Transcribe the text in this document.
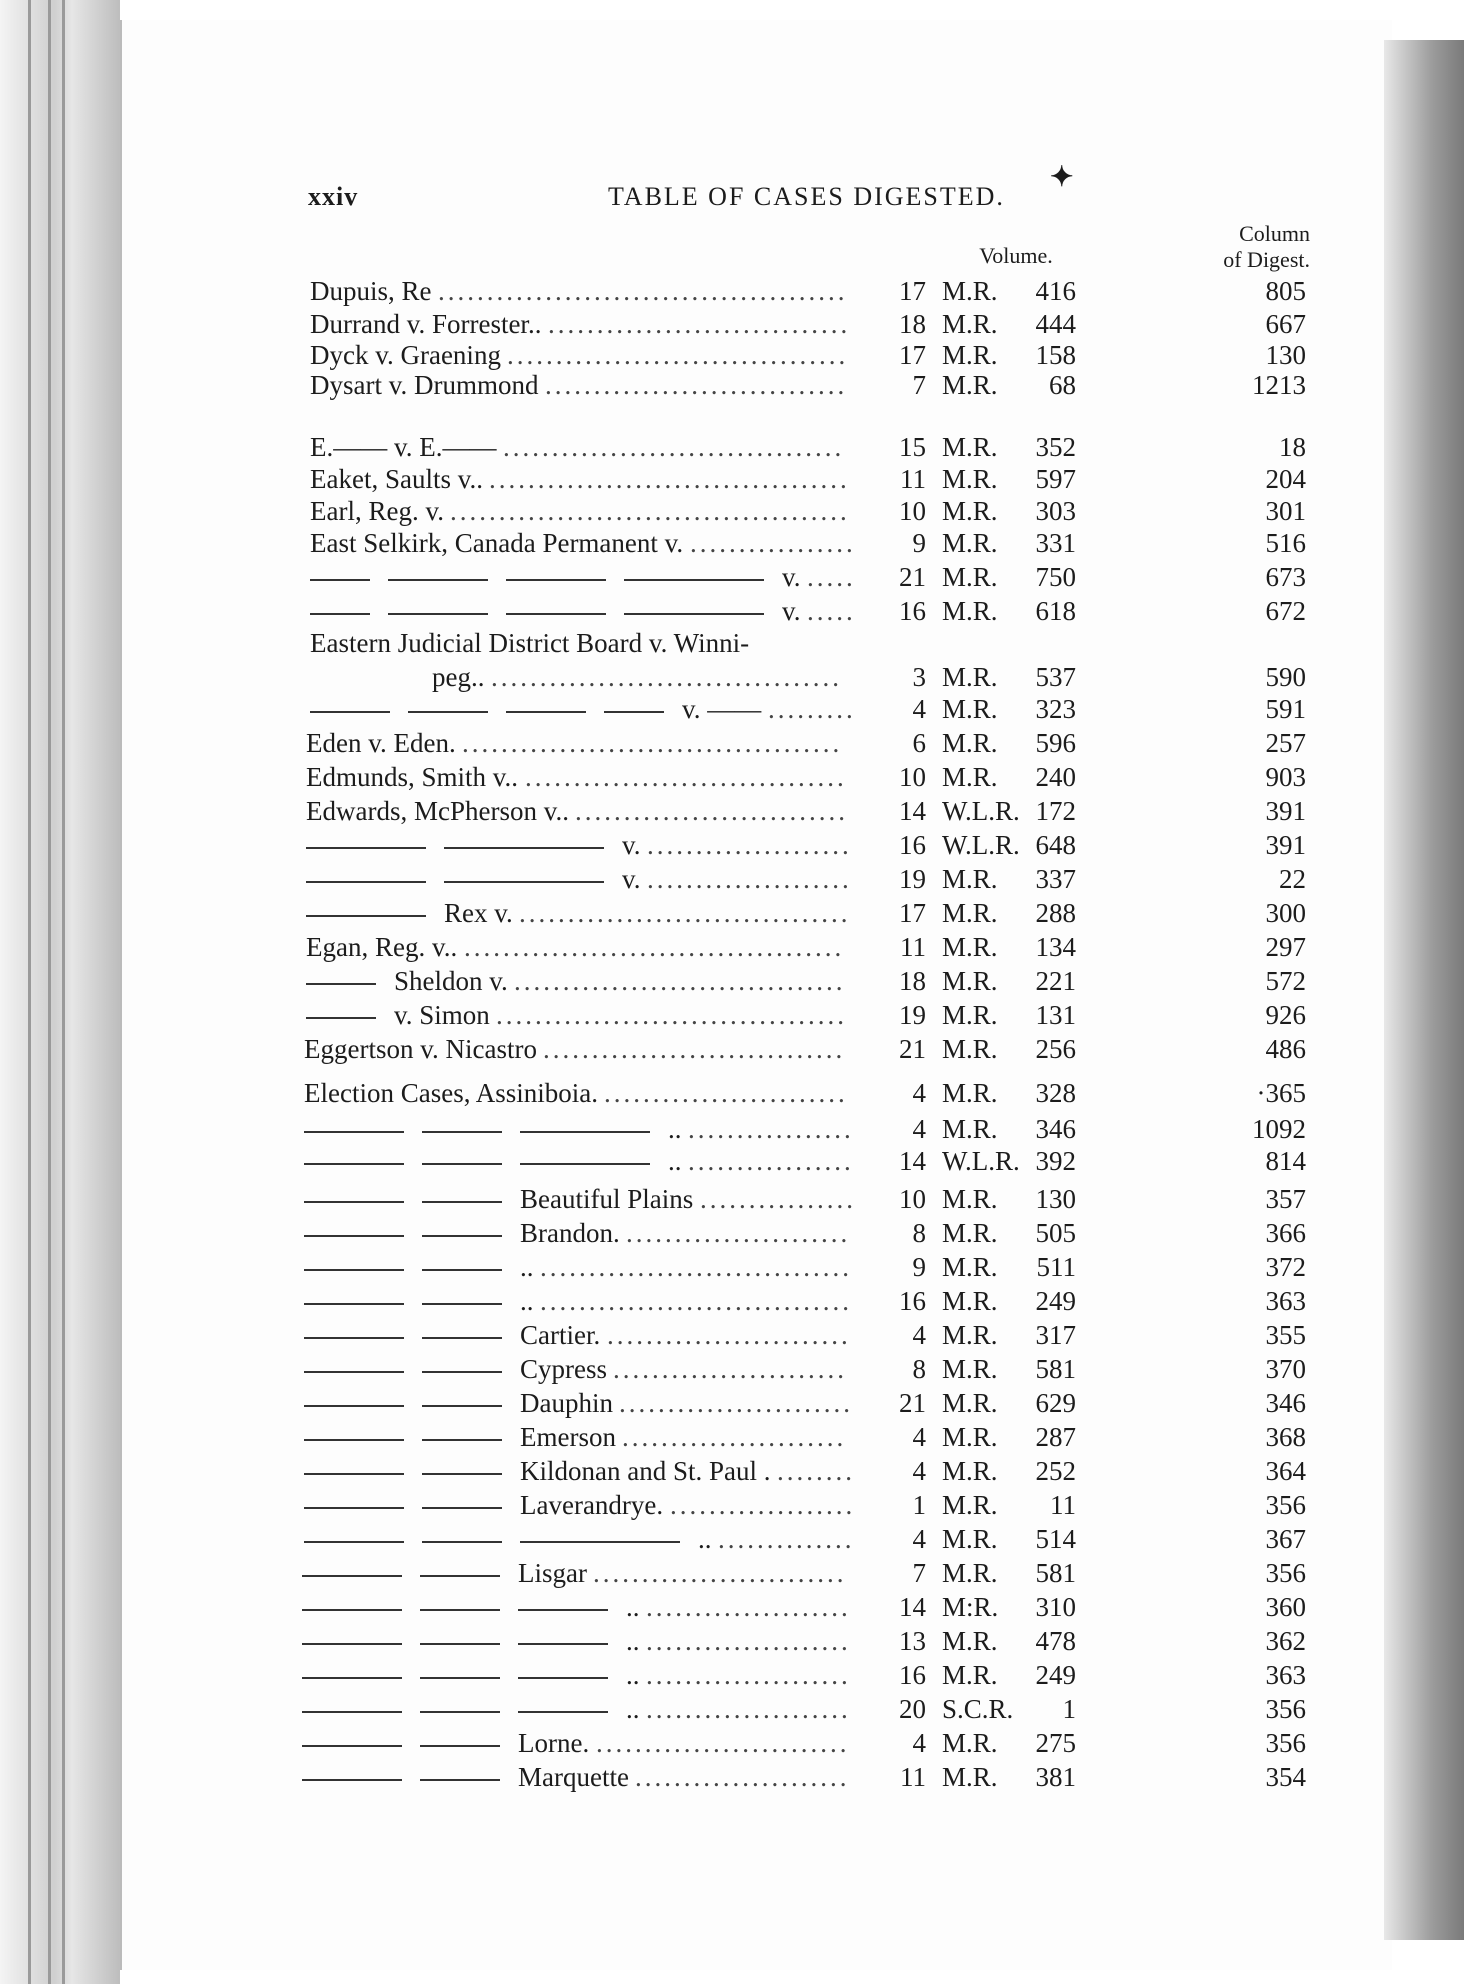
xxiv	TABLE OF CASES DIGESTED.
✦
Volume.
Column
of Digest.
Dupuis, Re ..........................................	17 M.R.	416	805
Durrand v. Forrester.. ...............................	18 M.R.	444	667
Dyck v. Graening ...................................	17 M.R.	158	130
Dysart v. Drummond ...............................	7 M.R.	68	1213
E.—— v. E.—— ...................................	15 M.R.	352	18
Eaket, Saults v.. .....................................	11 M.R.	597	204
Earl, Reg. v. .........................................	10 M.R.	303	301
East Selkirk, Canada Permanent v. .................	9 M.R.	331	516
v. .....	21 M.R.	750	673
v. .....	16 M.R.	618	672
Eastern Judicial District Board v. Winni-
peg.. ....................................	3 M.R.	537	590
v. —— .........	4 M.R.	323	591
Eden v. Eden. .......................................	6 M.R.	596	257
Edmunds, Smith v.. .................................	10 M.R.	240	903
Edwards, McPherson v.. ............................	14 W.L.R. 172	391
v. .....................	16 W.L.R. 648	391
v. .....................	19 M.R.	337	22
Rex v. ..................................	17 M.R.	288	300
Egan, Reg. v.. .......................................	11 M.R.	134	297
Sheldon v. ..................................	18 M.R.	221	572
v. Simon ....................................	19 M.R.	131	926
Eggertson v. Nicastro ...............................	21 M.R.	256	486
Election Cases, Assiniboia. .........................	4 M.R.	328	·365
.. .................	4 M.R.	346	1092
.. .................	14 W.L.R. 392	814
Beautiful Plains ................	10 M.R.	130	357
Brandon. .......................	8 M.R.	505	366
.. ................................	9 M.R.	511	372
.. ................................	16 M.R.	249	363
Cartier. .........................	4 M.R.	317	355
Cypress ........................	8 M.R.	581	370
Dauphin ........................	21 M.R.	629	346
Emerson .......................	4 M.R.	287	368
Kildonan and St. Paul . ........	4 M.R.	252	364
Laverandrye. ...................	1 M.R.	11	356
.. ..............	4 M.R.	514	367
Lisgar ..........................	7 M.R.	581	356
.. .....................	14 M:R.	310	360
.. .....................	13 M.R.	478	362
.. .....................	16 M.R.	249	363
.. .....................	20 S.C.R.	1	356
Lorne. ..........................	4 M.R.	275	356
Marquette ......................	11 M.R.	381	354
